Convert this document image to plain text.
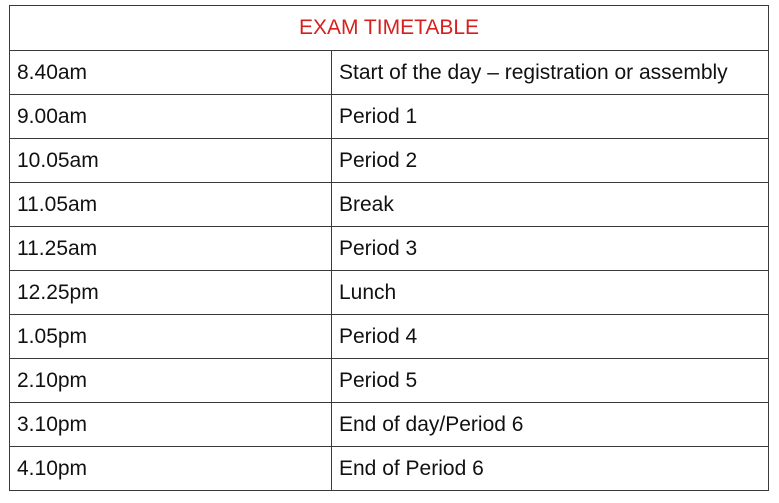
EXAM TIMETABLE	
8.40am	Start of the day – registration or assembly
9.00am	Period 1
10.05am	Period 2
11.05am	Break
11.25am	Period 3
12.25pm	Lunch
1.05pm	Period 4
2.10pm	Period 5
3.10pm	End of day/Period 6
4.10pm	End of Period 6
